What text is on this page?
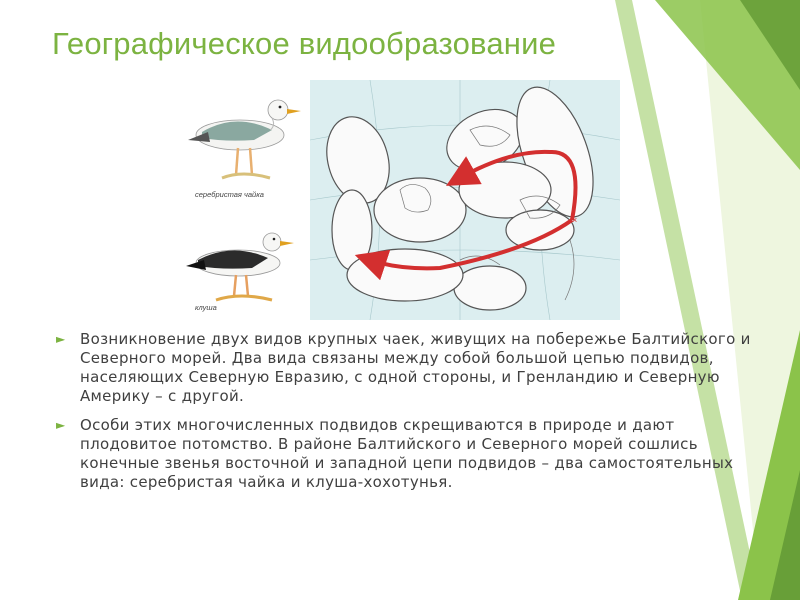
Географическое видообразование
серебристая чайка
клуша
×
► Возникновение двух видов крупных чаек, живущих на побережье Балтийского и Северного морей. Два вида связаны между собой большой цепью подвидов, населяющих Северную Евразию, с одной стороны, и Гренландию и Северную Америку – с другой.
► Особи этих многочисленных подвидов скрещиваются в природе и дают плодовитое потомство. В районе Балтийского и Северного морей сошлись конечные звенья восточной и западной цепи подвидов – два самостоятельных вида: серебристая чайка и клуша-хохотунья.
